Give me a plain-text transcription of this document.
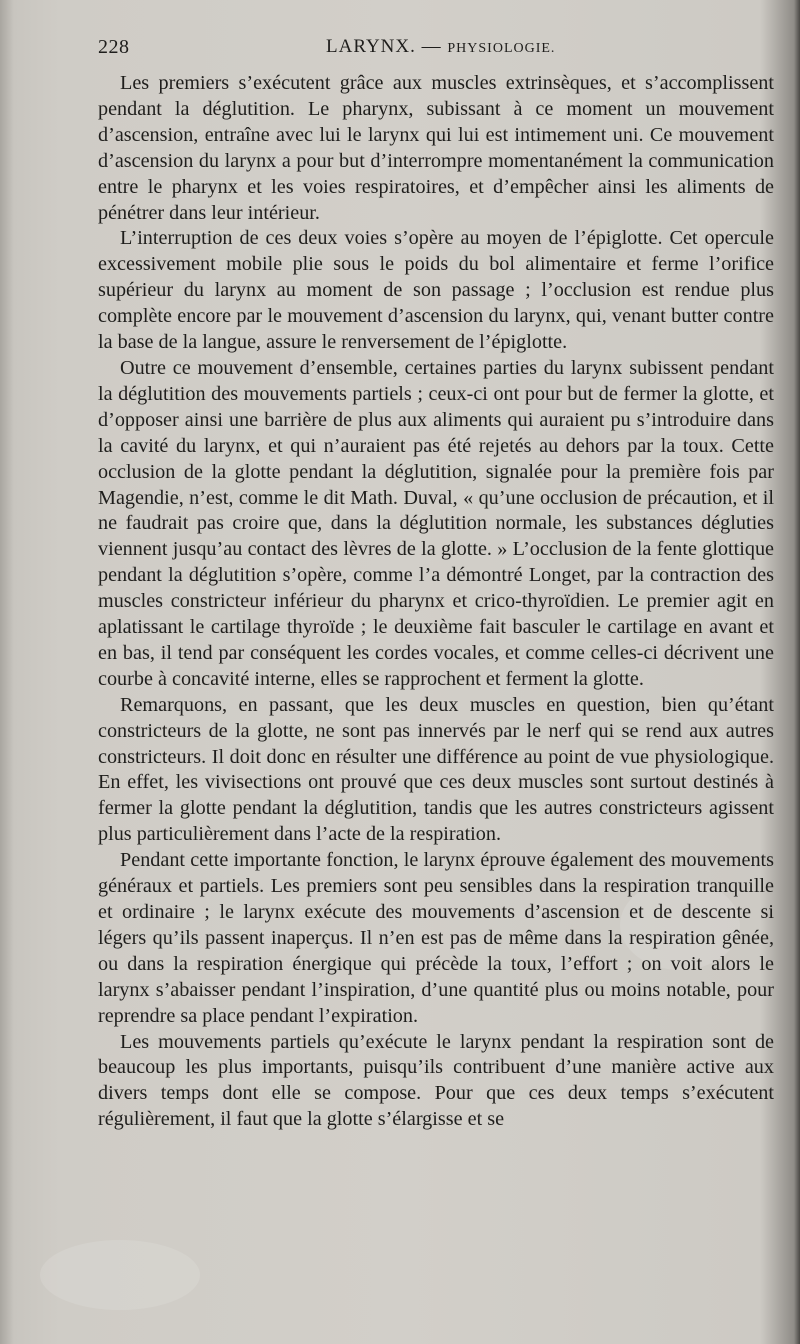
228	LARYNX. — PHYSIOLOGIE.

Les premiers s’exécutent grâce aux muscles extrinsèques, et s’accomplissent pendant la déglutition. Le pharynx, subissant à ce moment un mouvement d’ascension, entraîne avec lui le larynx qui lui est intimement uni. Ce mouvement d’ascension du larynx a pour but d’interrompre momentanément la communication entre le pharynx et les voies respiratoires, et d’empêcher ainsi les aliments de pénétrer dans leur intérieur.

L’interruption de ces deux voies s’opère au moyen de l’épiglotte. Cet opercule excessivement mobile plie sous le poids du bol alimentaire et ferme l’orifice supérieur du larynx au moment de son passage ; l’occlusion est rendue plus complète encore par le mouvement d’ascension du larynx, qui, venant butter contre la base de la langue, assure le renversement de l’épiglotte.

Outre ce mouvement d’ensemble, certaines parties du larynx subissent pendant la déglutition des mouvements partiels ; ceux-ci ont pour but de fermer la glotte, et d’opposer ainsi une barrière de plus aux aliments qui auraient pu s’introduire dans la cavité du larynx, et qui n’auraient pas été rejetés au dehors par la toux. Cette occlusion de la glotte pendant la déglutition, signalée pour la première fois par Magendie, n’est, comme le dit Math. Duval, « qu’une occlusion de précaution, et il ne faudrait pas croire que, dans la déglutition normale, les substances dégluties viennent jusqu’au contact des lèvres de la glotte. » L’occlusion de la fente glottique pendant la déglutition s’opère, comme l’a démontré Longet, par la contraction des muscles constricteur inférieur du pharynx et crico-thyroïdien. Le premier agit en aplatissant le cartilage thyroïde ; le deuxième fait basculer le cartilage en avant et en bas, il tend par conséquent les cordes vocales, et comme celles-ci décrivent une courbe à concavité interne, elles se rapprochent et ferment la glotte.

Remarquons, en passant, que les deux muscles en question, bien qu’étant constricteurs de la glotte, ne sont pas innervés par le nerf qui se rend aux autres constricteurs. Il doit donc en résulter une différence au point de vue physiologique. En effet, les vivisections ont prouvé que ces deux muscles sont surtout destinés à fermer la glotte pendant la déglutition, tandis que les autres constricteurs agissent plus particulièrement dans l’acte de la respiration.

Pendant cette importante fonction, le larynx éprouve également des mouvements généraux et partiels. Les premiers sont peu sensibles dans la respiration tranquille et ordinaire ; le larynx exécute des mouvements d’ascension et de descente si légers qu’ils passent inaperçus. Il n’en est pas de même dans la respiration gênée, ou dans la respiration énergique qui précède la toux, l’effort ; on voit alors le larynx s’abaisser pendant l’inspiration, d’une quantité plus ou moins notable, pour reprendre sa place pendant l’expiration.

Les mouvements partiels qu’exécute le larynx pendant la respiration sont de beaucoup les plus importants, puisqu’ils contribuent d’une manière active aux divers temps dont elle se compose. Pour que ces deux temps s’exécutent régulièrement, il faut que la glotte s’élargisse et se
